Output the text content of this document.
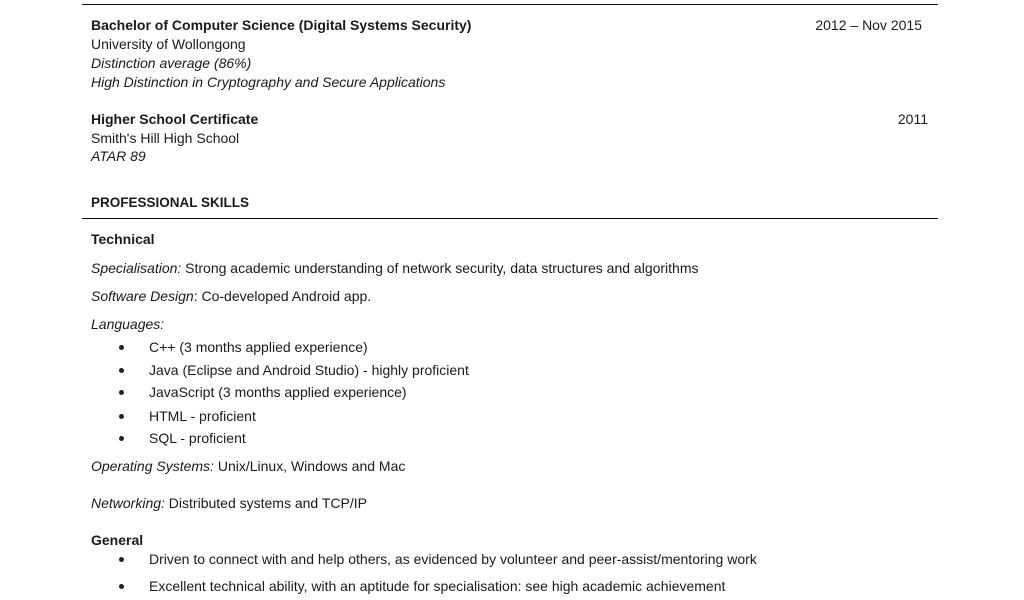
Bachelor of Computer Science (Digital Systems Security)	2012 – Nov 2015
University of Wollongong
Distinction average (86%)
High Distinction in Cryptography and Secure Applications
Higher School Certificate	2011
Smith's Hill High School
ATAR 89
PROFESSIONAL SKILLS
Technical
Specialisation: Strong academic understanding of network security, data structures and algorithms
Software Design: Co-developed Android app.
Languages:
C++ (3 months applied experience)
Java (Eclipse and Android Studio) - highly proficient
JavaScript (3 months applied experience)
HTML - proficient
SQL - proficient
Operating Systems: Unix/Linux, Windows and Mac
Networking: Distributed systems and TCP/IP
General
Driven to connect with and help others, as evidenced by volunteer and peer-assist/mentoring work
Excellent technical ability, with an aptitude for specialisation: see high academic achievement
